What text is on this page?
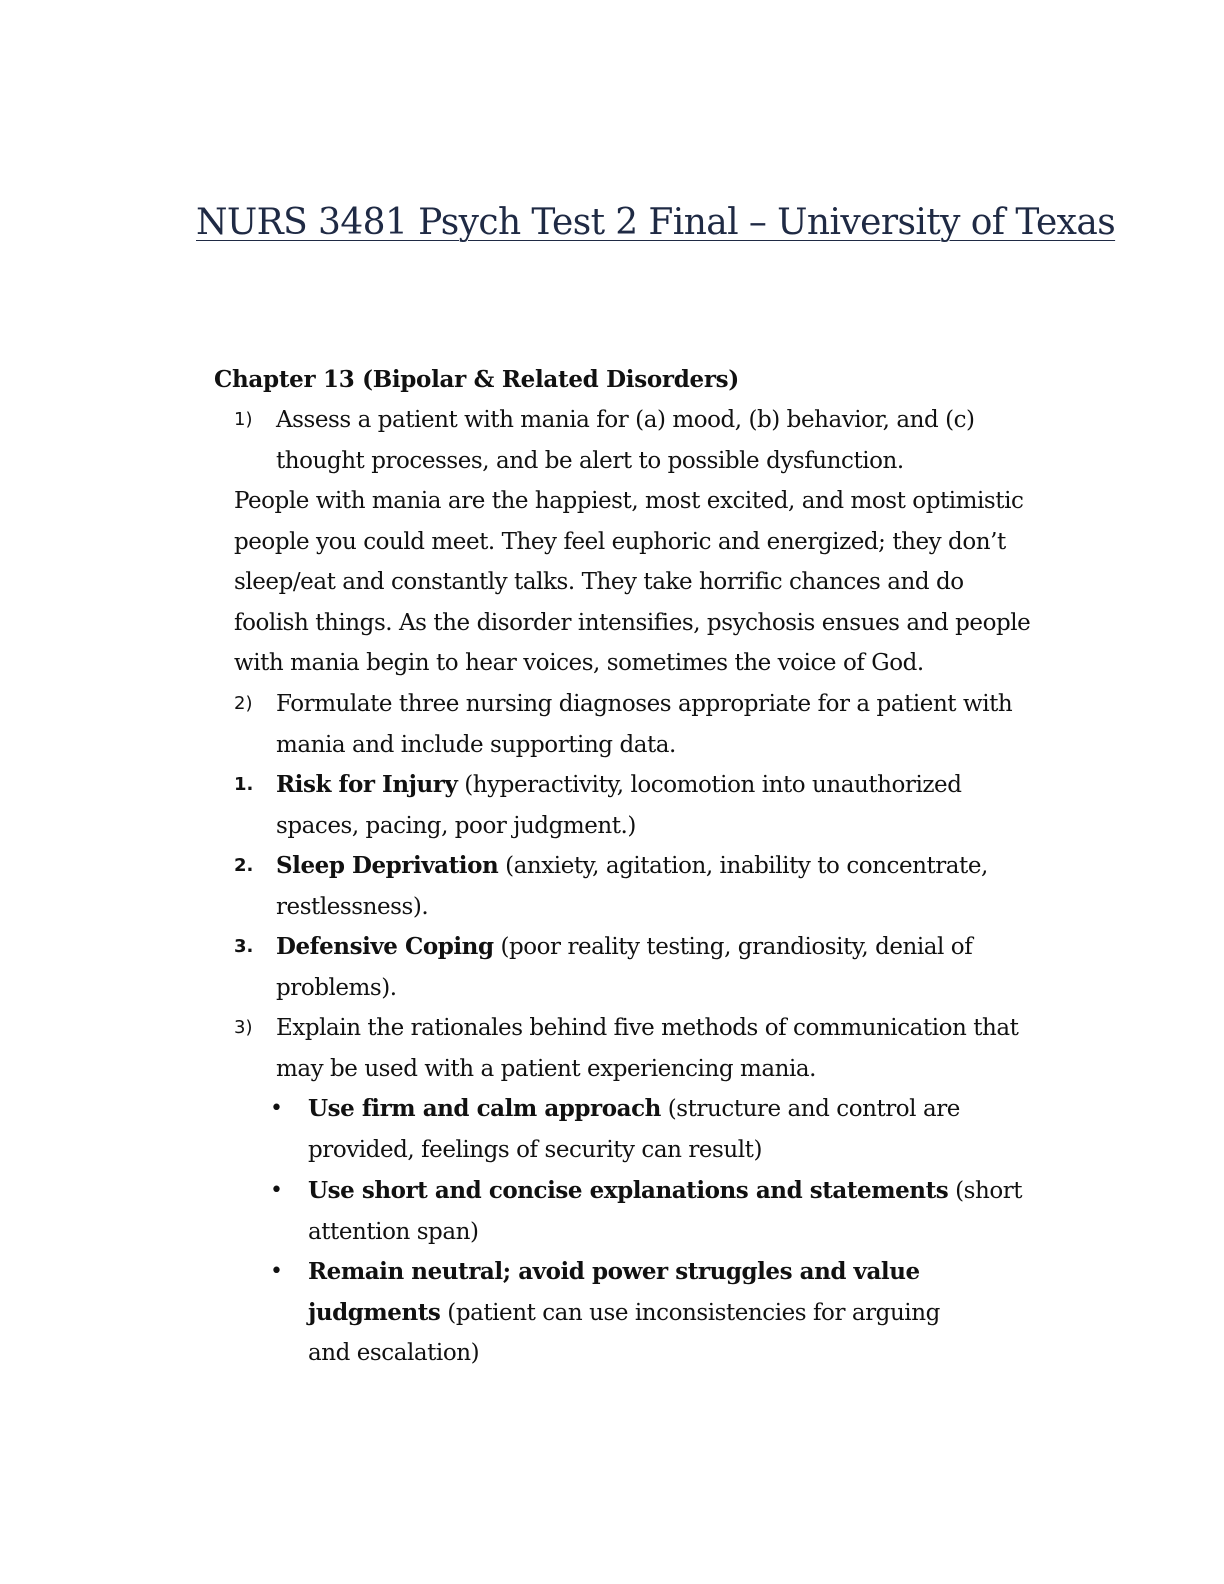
NURS 3481 Psych Test 2 Final – University of Texas
Chapter 13 (Bipolar & Related Disorders)
1)	Assess a patient with mania for (a) mood, (b) behavior, and (c) thought processes, and be alert to possible dysfunction.
People with mania are the happiest, most excited, and most optimistic people you could meet. They feel euphoric and energized; they don’t sleep/eat and constantly talks. They take horrific chances and do foolish things. As the disorder intensifies, psychosis ensues and people with mania begin to hear voices, sometimes the voice of God.
2)	Formulate three nursing diagnoses appropriate for a patient with mania and include supporting data.
1. Risk for Injury (hyperactivity, locomotion into unauthorized spaces, pacing, poor judgment.)
2. Sleep Deprivation (anxiety, agitation, inability to concentrate, restlessness).
3. Defensive Coping (poor reality testing, grandiosity, denial of problems).
3)	Explain the rationales behind five methods of communication that may be used with a patient experiencing mania.
• Use firm and calm approach (structure and control are provided, feelings of security can result)
• Use short and concise explanations and statements (short attention span)
• Remain neutral; avoid power struggles and value judgments (patient can use inconsistencies for arguing and escalation)
